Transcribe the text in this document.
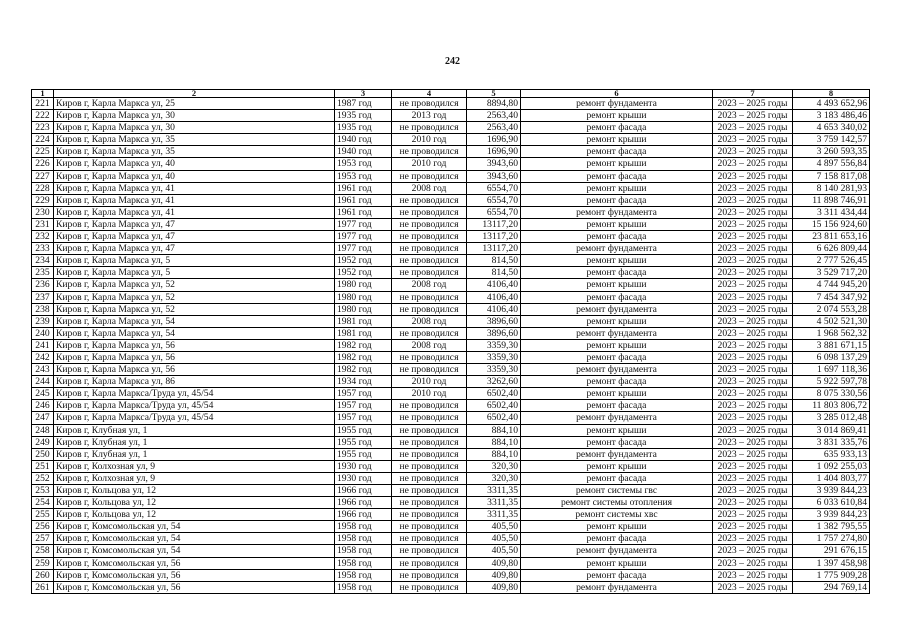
242
1	2	3	4	5	6	7	8
221	Киров г, Карла Маркса ул, 25	1987 год	не проводился	8894,80	ремонт фундамента	2023 – 2025 годы	4 493 652,96
222	Киров г, Карла Маркса ул, 30	1935 год	2013 год	2563,40	ремонт крыши	2023 – 2025 годы	3 183 486,46
223	Киров г, Карла Маркса ул, 30	1935 год	не проводился	2563,40	ремонт фасада	2023 – 2025 годы	4 653 340,02
224	Киров г, Карла Маркса ул, 35	1940 год	2010 год	1696,90	ремонт крыши	2023 – 2025 годы	3 759 142,57
225	Киров г, Карла Маркса ул, 35	1940 год	не проводился	1696,90	ремонт фасада	2023 – 2025 годы	3 260 593,35
226	Киров г, Карла Маркса ул, 40	1953 год	2010 год	3943,60	ремонт крыши	2023 – 2025 годы	4 897 556,84
227	Киров г, Карла Маркса ул, 40	1953 год	не проводился	3943,60	ремонт фасада	2023 – 2025 годы	7 158 817,08
228	Киров г, Карла Маркса ул, 41	1961 год	2008 год	6554,70	ремонт крыши	2023 – 2025 годы	8 140 281,93
229	Киров г, Карла Маркса ул, 41	1961 год	не проводился	6554,70	ремонт фасада	2023 – 2025 годы	11 898 746,91
230	Киров г, Карла Маркса ул, 41	1961 год	не проводился	6554,70	ремонт фундамента	2023 – 2025 годы	3 311 434,44
231	Киров г, Карла Маркса ул, 47	1977 год	не проводился	13117,20	ремонт крыши	2023 – 2025 годы	15 156 924,60
232	Киров г, Карла Маркса ул, 47	1977 год	не проводился	13117,20	ремонт фасада	2023 – 2025 годы	23 811 653,16
233	Киров г, Карла Маркса ул, 47	1977 год	не проводился	13117,20	ремонт фундамента	2023 – 2025 годы	6 626 809,44
234	Киров г, Карла Маркса ул, 5	1952 год	не проводился	814,50	ремонт крыши	2023 – 2025 годы	2 777 526,45
235	Киров г, Карла Маркса ул, 5	1952 год	не проводился	814,50	ремонт фасада	2023 – 2025 годы	3 529 717,20
236	Киров г, Карла Маркса ул, 52	1980 год	2008 год	4106,40	ремонт крыши	2023 – 2025 годы	4 744 945,20
237	Киров г, Карла Маркса ул, 52	1980 год	не проводился	4106,40	ремонт фасада	2023 – 2025 годы	7 454 347,92
238	Киров г, Карла Маркса ул, 52	1980 год	не проводился	4106,40	ремонт фундамента	2023 – 2025 годы	2 074 553,28
239	Киров г, Карла Маркса ул, 54	1981 год	2008 год	3896,60	ремонт крыши	2023 – 2025 годы	4 502 521,30
240	Киров г, Карла Маркса ул, 54	1981 год	не проводился	3896,60	ремонт фундамента	2023 – 2025 годы	1 968 562,32
241	Киров г, Карла Маркса ул, 56	1982 год	2008 год	3359,30	ремонт крыши	2023 – 2025 годы	3 881 671,15
242	Киров г, Карла Маркса ул, 56	1982 год	не проводился	3359,30	ремонт фасада	2023 – 2025 годы	6 098 137,29
243	Киров г, Карла Маркса ул, 56	1982 год	не проводился	3359,30	ремонт фундамента	2023 – 2025 годы	1 697 118,36
244	Киров г, Карла Маркса ул, 86	1934 год	2010 год	3262,60	ремонт фасада	2023 – 2025 годы	5 922 597,78
245	Киров г, Карла Маркса/Труда ул, 45/54	1957 год	2010 год	6502,40	ремонт крыши	2023 – 2025 годы	8 075 330,56
246	Киров г, Карла Маркса/Труда ул, 45/54	1957 год	не проводился	6502,40	ремонт фасада	2023 – 2025 годы	11 803 806,72
247	Киров г, Карла Маркса/Труда ул, 45/54	1957 год	не проводился	6502,40	ремонт фундамента	2023 – 2025 годы	3 285 012,48
248	Киров г, Клубная ул, 1	1955 год	не проводился	884,10	ремонт крыши	2023 – 2025 годы	3 014 869,41
249	Киров г, Клубная ул, 1	1955 год	не проводился	884,10	ремонт фасада	2023 – 2025 годы	3 831 335,76
250	Киров г, Клубная ул, 1	1955 год	не проводился	884,10	ремонт фундамента	2023 – 2025 годы	635 933,13
251	Киров г, Колхозная ул, 9	1930 год	не проводился	320,30	ремонт крыши	2023 – 2025 годы	1 092 255,03
252	Киров г, Колхозная ул, 9	1930 год	не проводился	320,30	ремонт фасада	2023 – 2025 годы	1 404 803,77
253	Киров г, Кольцова ул, 12	1966 год	не проводился	3311,35	ремонт системы гвс	2023 – 2025 годы	3 939 844,23
254	Киров г, Кольцова ул, 12	1966 год	не проводился	3311,35	ремонт системы отопления	2023 – 2025 годы	6 033 610,84
255	Киров г, Кольцова ул, 12	1966 год	не проводился	3311,35	ремонт системы хвс	2023 – 2025 годы	3 939 844,23
256	Киров г, Комсомольская ул, 54	1958 год	не проводился	405,50	ремонт крыши	2023 – 2025 годы	1 382 795,55
257	Киров г, Комсомольская ул, 54	1958 год	не проводился	405,50	ремонт фасада	2023 – 2025 годы	1 757 274,80
258	Киров г, Комсомольская ул, 54	1958 год	не проводился	405,50	ремонт фундамента	2023 – 2025 годы	291 676,15
259	Киров г, Комсомольская ул, 56	1958 год	не проводился	409,80	ремонт крыши	2023 – 2025 годы	1 397 458,98
260	Киров г, Комсомольская ул, 56	1958 год	не проводился	409,80	ремонт фасада	2023 – 2025 годы	1 775 909,28
261	Киров г, Комсомольская ул, 56	1958 год	не проводился	409,80	ремонт фундамента	2023 – 2025 годы	294 769,14
